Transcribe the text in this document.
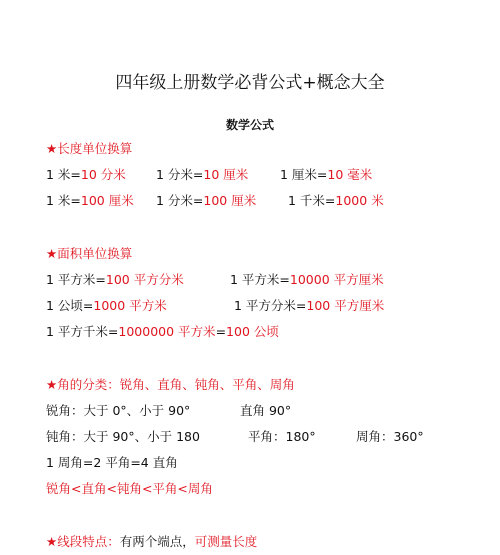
四年级上册数学必背公式+概念大全
数学公式
★长度单位换算
1 米=10 分米 1 分米=10 厘米	1 厘米=10 毫米
1 米=100 厘米 1 分米=100 厘米	1 千米=1000 米
★面积单位换算
1 平方米=100 平方分米	1 平方米=10000 平方厘米
1 公顷=1000 平方米	1 平方分米=100 平方厘米
1 平方千米=1000000 平方米=100 公顷
★角的分类：锐角、直角、钝角、平角、周角
锐角：大于 0°、小于 90°	直角 90°
钝角：大于 90°、小于 180	平角：180°	周角：360°
1 周角=2 平角=4 直角
锐角<直角<钝角<平角<周角
★线段特点：有两个端点，可测量长度
